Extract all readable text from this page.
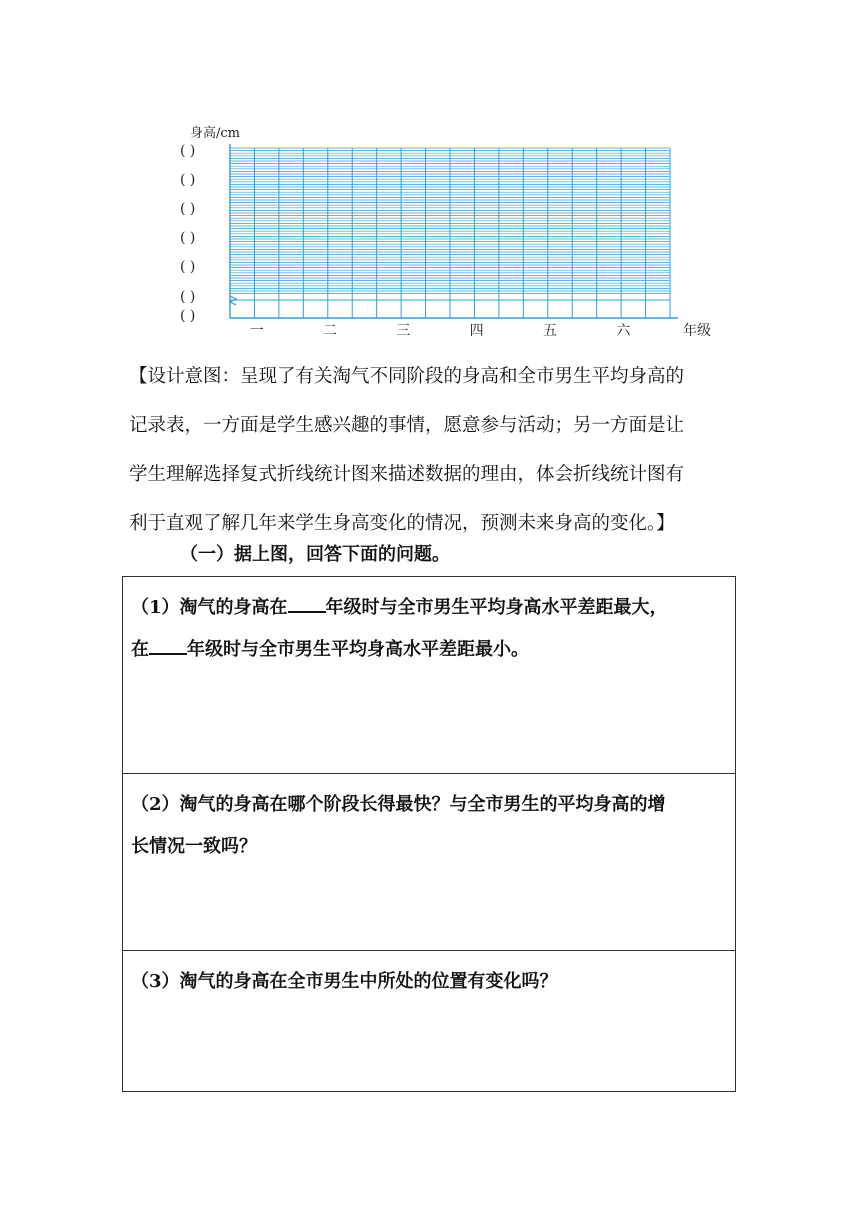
身高/cm
( )
( )
( )
( )
( )
( )
( )
一	二	三	四	五	六	年级
【设计意图：呈现了有关淘气不同阶段的身高和全市男生平均身高的
记录表，一方面是学生感兴趣的事情，愿意参与活动；另一方面是让
学生理解选择复式折线统计图来描述数据的理由，体会折线统计图有
利于直观了解几年来学生身高变化的情况，预测未来身高的变化。】
（一）据上图，回答下面的问题。
（1）淘气的身高在 年级时与全市男生平均身高水平差距最大，
在 年级时与全市男生平均身高水平差距最小。
（2）淘气的身高在哪个阶段长得最快？与全市男生的平均身高的增
长情况一致吗？
（3）淘气的身高在全市男生中所处的位置有变化吗？
